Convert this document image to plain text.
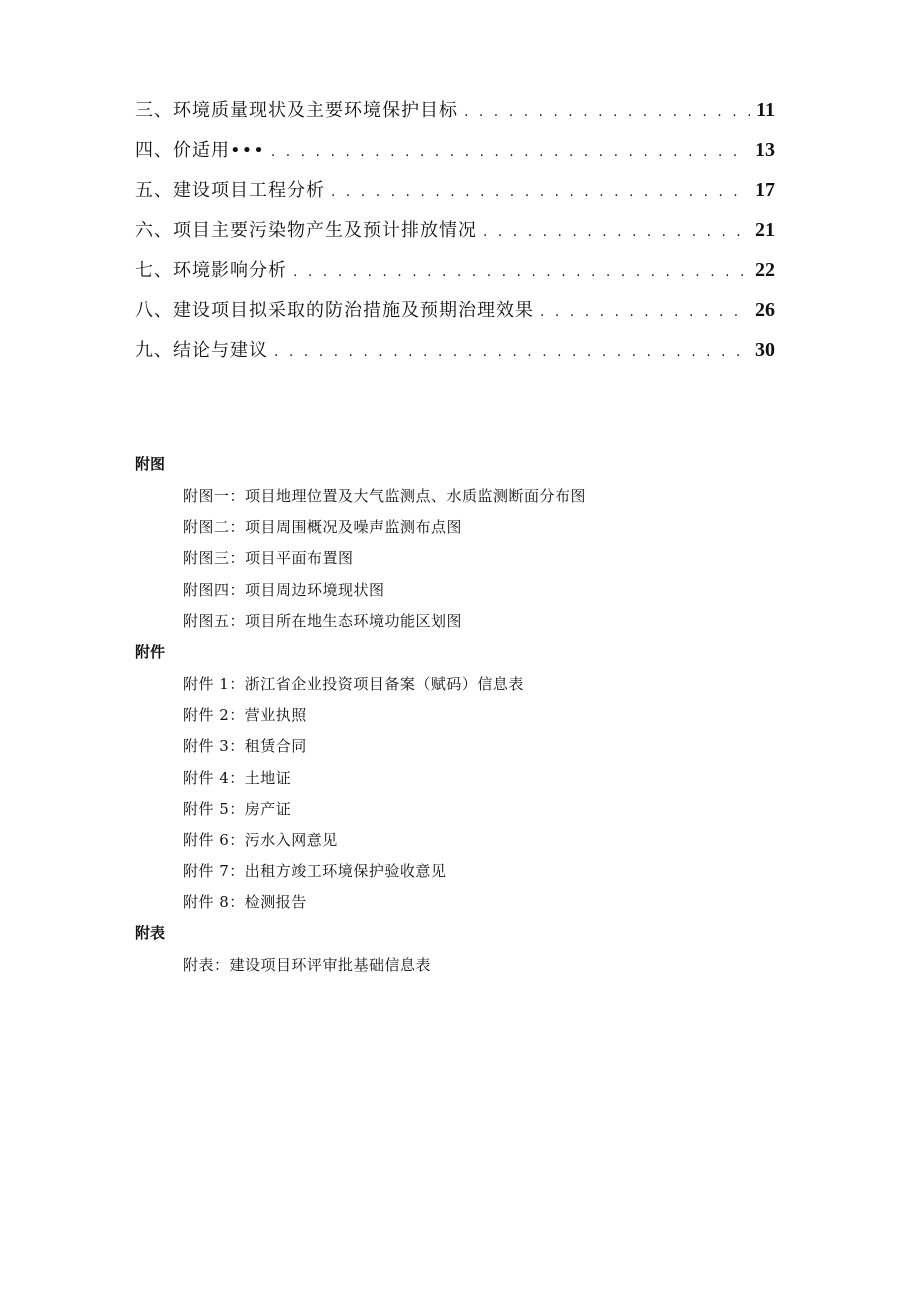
三、环境质量现状及主要环境保护目标 . . .	11
四、价适用••• . . .	13
五、建设项目工程分析 . . .	17
六、项目主要污染物产生及预计排放情况 . . .	21
七、环境影响分析 . . .	22
八、建设项目拟采取的防治措施及预期治理效果 . . .	26
九、结论与建议 . . .	30
附图
附图一：项目地理位置及大气监测点、水质监测断面分布图
附图二：项目周围概况及噪声监测布点图
附图三：项目平面布置图
附图四：项目周边环境现状图
附图五：项目所在地生态环境功能区划图
附件
附件 1：浙江省企业投资项目备案（赋码）信息表
附件 2：营业执照
附件 3：租赁合同
附件 4：土地证
附件 5：房产证
附件 6：污水入网意见
附件 7：出租方竣工环境保护验收意见
附件 8：检测报告
附表
附表：建设项目环评审批基础信息表
